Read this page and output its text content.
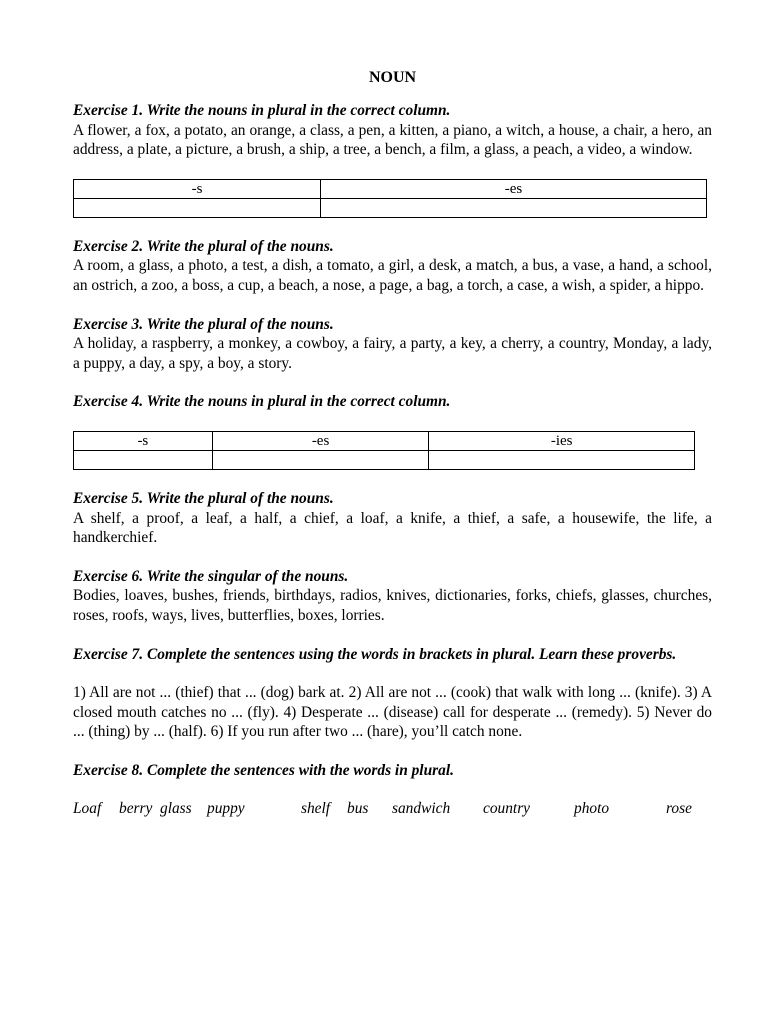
NOUN

Exercise 1. Write the nouns in plural in the correct column.

A flower, a fox, a potato, an orange, a class, a pen, a kitten, a piano, a witch, a house, a chair, a hero, an address, a plate, a picture, a brush, a ship, a tree, a bench, a film, a glass, a peach, a video, a window.

-s	-es

Exercise 2. Write the plural of the nouns.

A room, a glass, a photo, a test, a dish, a tomato, a girl, a desk, a match, a bus, a vase, a hand, a school, an ostrich, a zoo, a boss, a cup, a beach, a nose, a page, a bag, a torch, a case, a wish, a spider, a hippo.

Exercise 3. Write the plural of the nouns.

A holiday, a raspberry, a monkey, a cowboy, a fairy, a party, a key, a cherry, a country, Monday, a lady, a puppy, a day, a spy, a boy, a story.

Exercise 4. Write the nouns in plural in the correct column.

-s	-es	-ies

Exercise 5. Write the plural of the nouns.

A shelf, a proof, a leaf, a half, a chief, a loaf, a knife, a thief, a safe, a housewife, the life, a handkerchief.

Exercise 6. Write the singular of the nouns.

Bodies, loaves, bushes, friends, birthdays, radios, knives, dictionaries, forks, chiefs, glasses, churches, roses, roofs, ways, lives, butterflies, boxes, lorries.

Exercise 7. Complete the sentences using the words in brackets in plural. Learn these proverbs.

1) All are not ... (thief) that ... (dog) bark at. 2) All are not ... (cook) that walk with long ... (knife). 3) A closed mouth catches no ... (fly). 4) Desperate ... (disease) call for desperate ... (remedy). 5) Never do ... (thing) by ... (half). 6) If you run after two ... (hare), you’ll catch none.

Exercise 8. Complete the sentences with the words in plural.

Loaf	berry glass puppy	shelf	bus	sandwich	country	photo	rose
